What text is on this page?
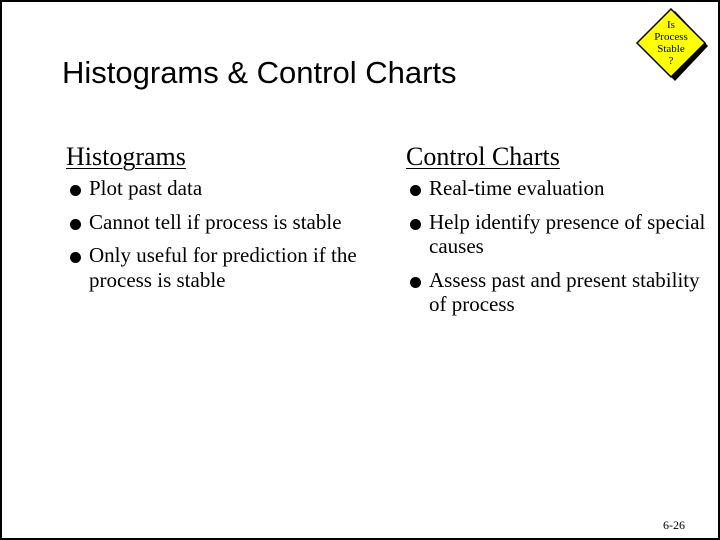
Histograms & Control Charts
Is
Process
Stable
?
Histograms
Plot past data
Cannot tell if process is stable
Only useful for prediction if the process is stable
Control Charts
Real-time evaluation
Help identify presence of special causes
Assess past and present stability of process
6-26
